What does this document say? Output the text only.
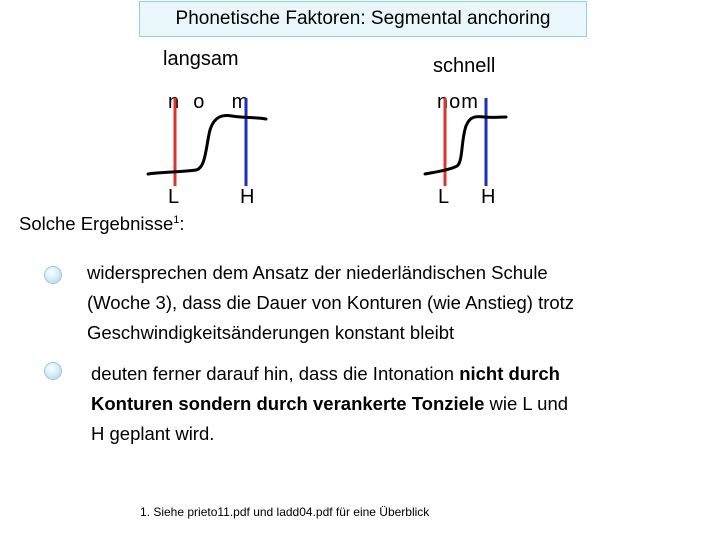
Phonetische Faktoren: Segmental anchoring
langsam	schnell
n  o    m	nom
L	H	L H
Solche Ergebnisse$^1$:
widersprechen dem Ansatz der niederländischen Schule
(Woche 3), dass die Dauer von Konturen (wie Anstieg) trotz
Geschwindigkeitsänderungen konstant bleibt
deuten ferner darauf hin, dass die Intonation nicht durch
Konturen sondern durch verankerte Tonziele wie L und
H geplant wird.
1. Siehe prieto11.pdf und ladd04.pdf für eine Überblick
